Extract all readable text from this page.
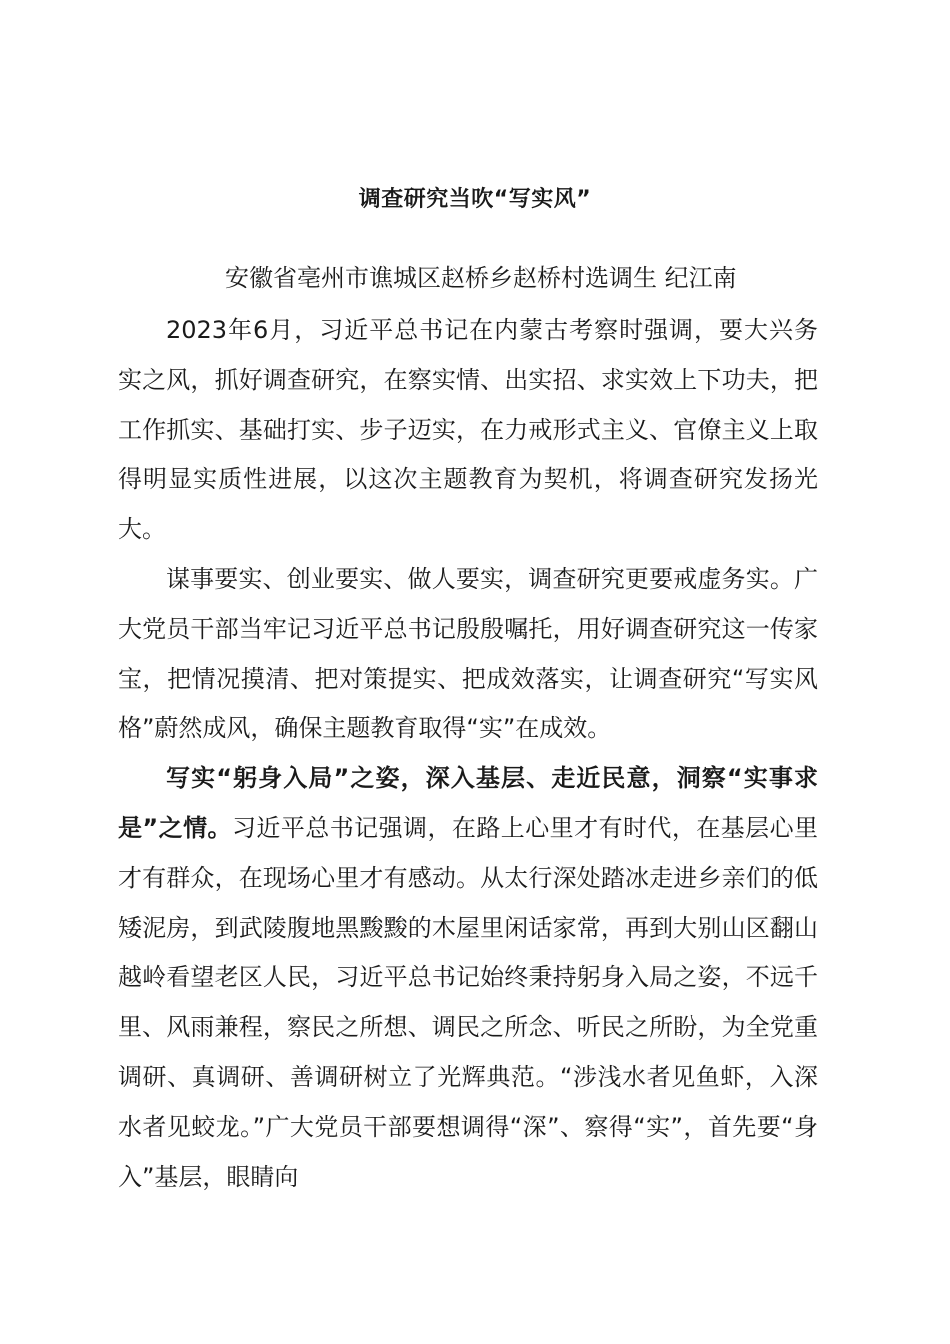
调查研究当吹“写实风”
安徽省亳州市谯城区赵桥乡赵桥村选调生 纪江南

2023年6月，习近平总书记在内蒙古考察时强调，要大兴务实之风，抓好调查研究，在察实情、出实招、求实效上下功夫，把工作抓实、基础打实、步子迈实，在力戒形式主义、官僚主义上取得明显实质性进展，以这次主题教育为契机，将调查研究发扬光大。

谋事要实、创业要实、做人要实，调查研究更要戒虚务实。广大党员干部当牢记习近平总书记殷殷嘱托，用好调查研究这一传家宝，把情况摸清、把对策提实、把成效落实，让调查研究“写实风格”蔚然成风，确保主题教育取得“实”在成效。

写实“躬身入局”之姿，深入基层、走近民意，洞察“实事求是”之情。习近平总书记强调，在路上心里才有时代，在基层心里才有群众，在现场心里才有感动。从太行深处踏冰走进乡亲们的低矮泥房，到武陵腹地黑黢黢的木屋里闲话家常，再到大别山区翻山越岭看望老区人民，习近平总书记始终秉持躬身入局之姿，不远千里、风雨兼程，察民之所想、调民之所念、听民之所盼，为全党重调研、真调研、善调研树立了光辉典范。“涉浅水者见鱼虾，入深水者见蛟龙。”广大党员干部要想调得“深”、察得“实”，首先要“身入”基层，眼睛向
